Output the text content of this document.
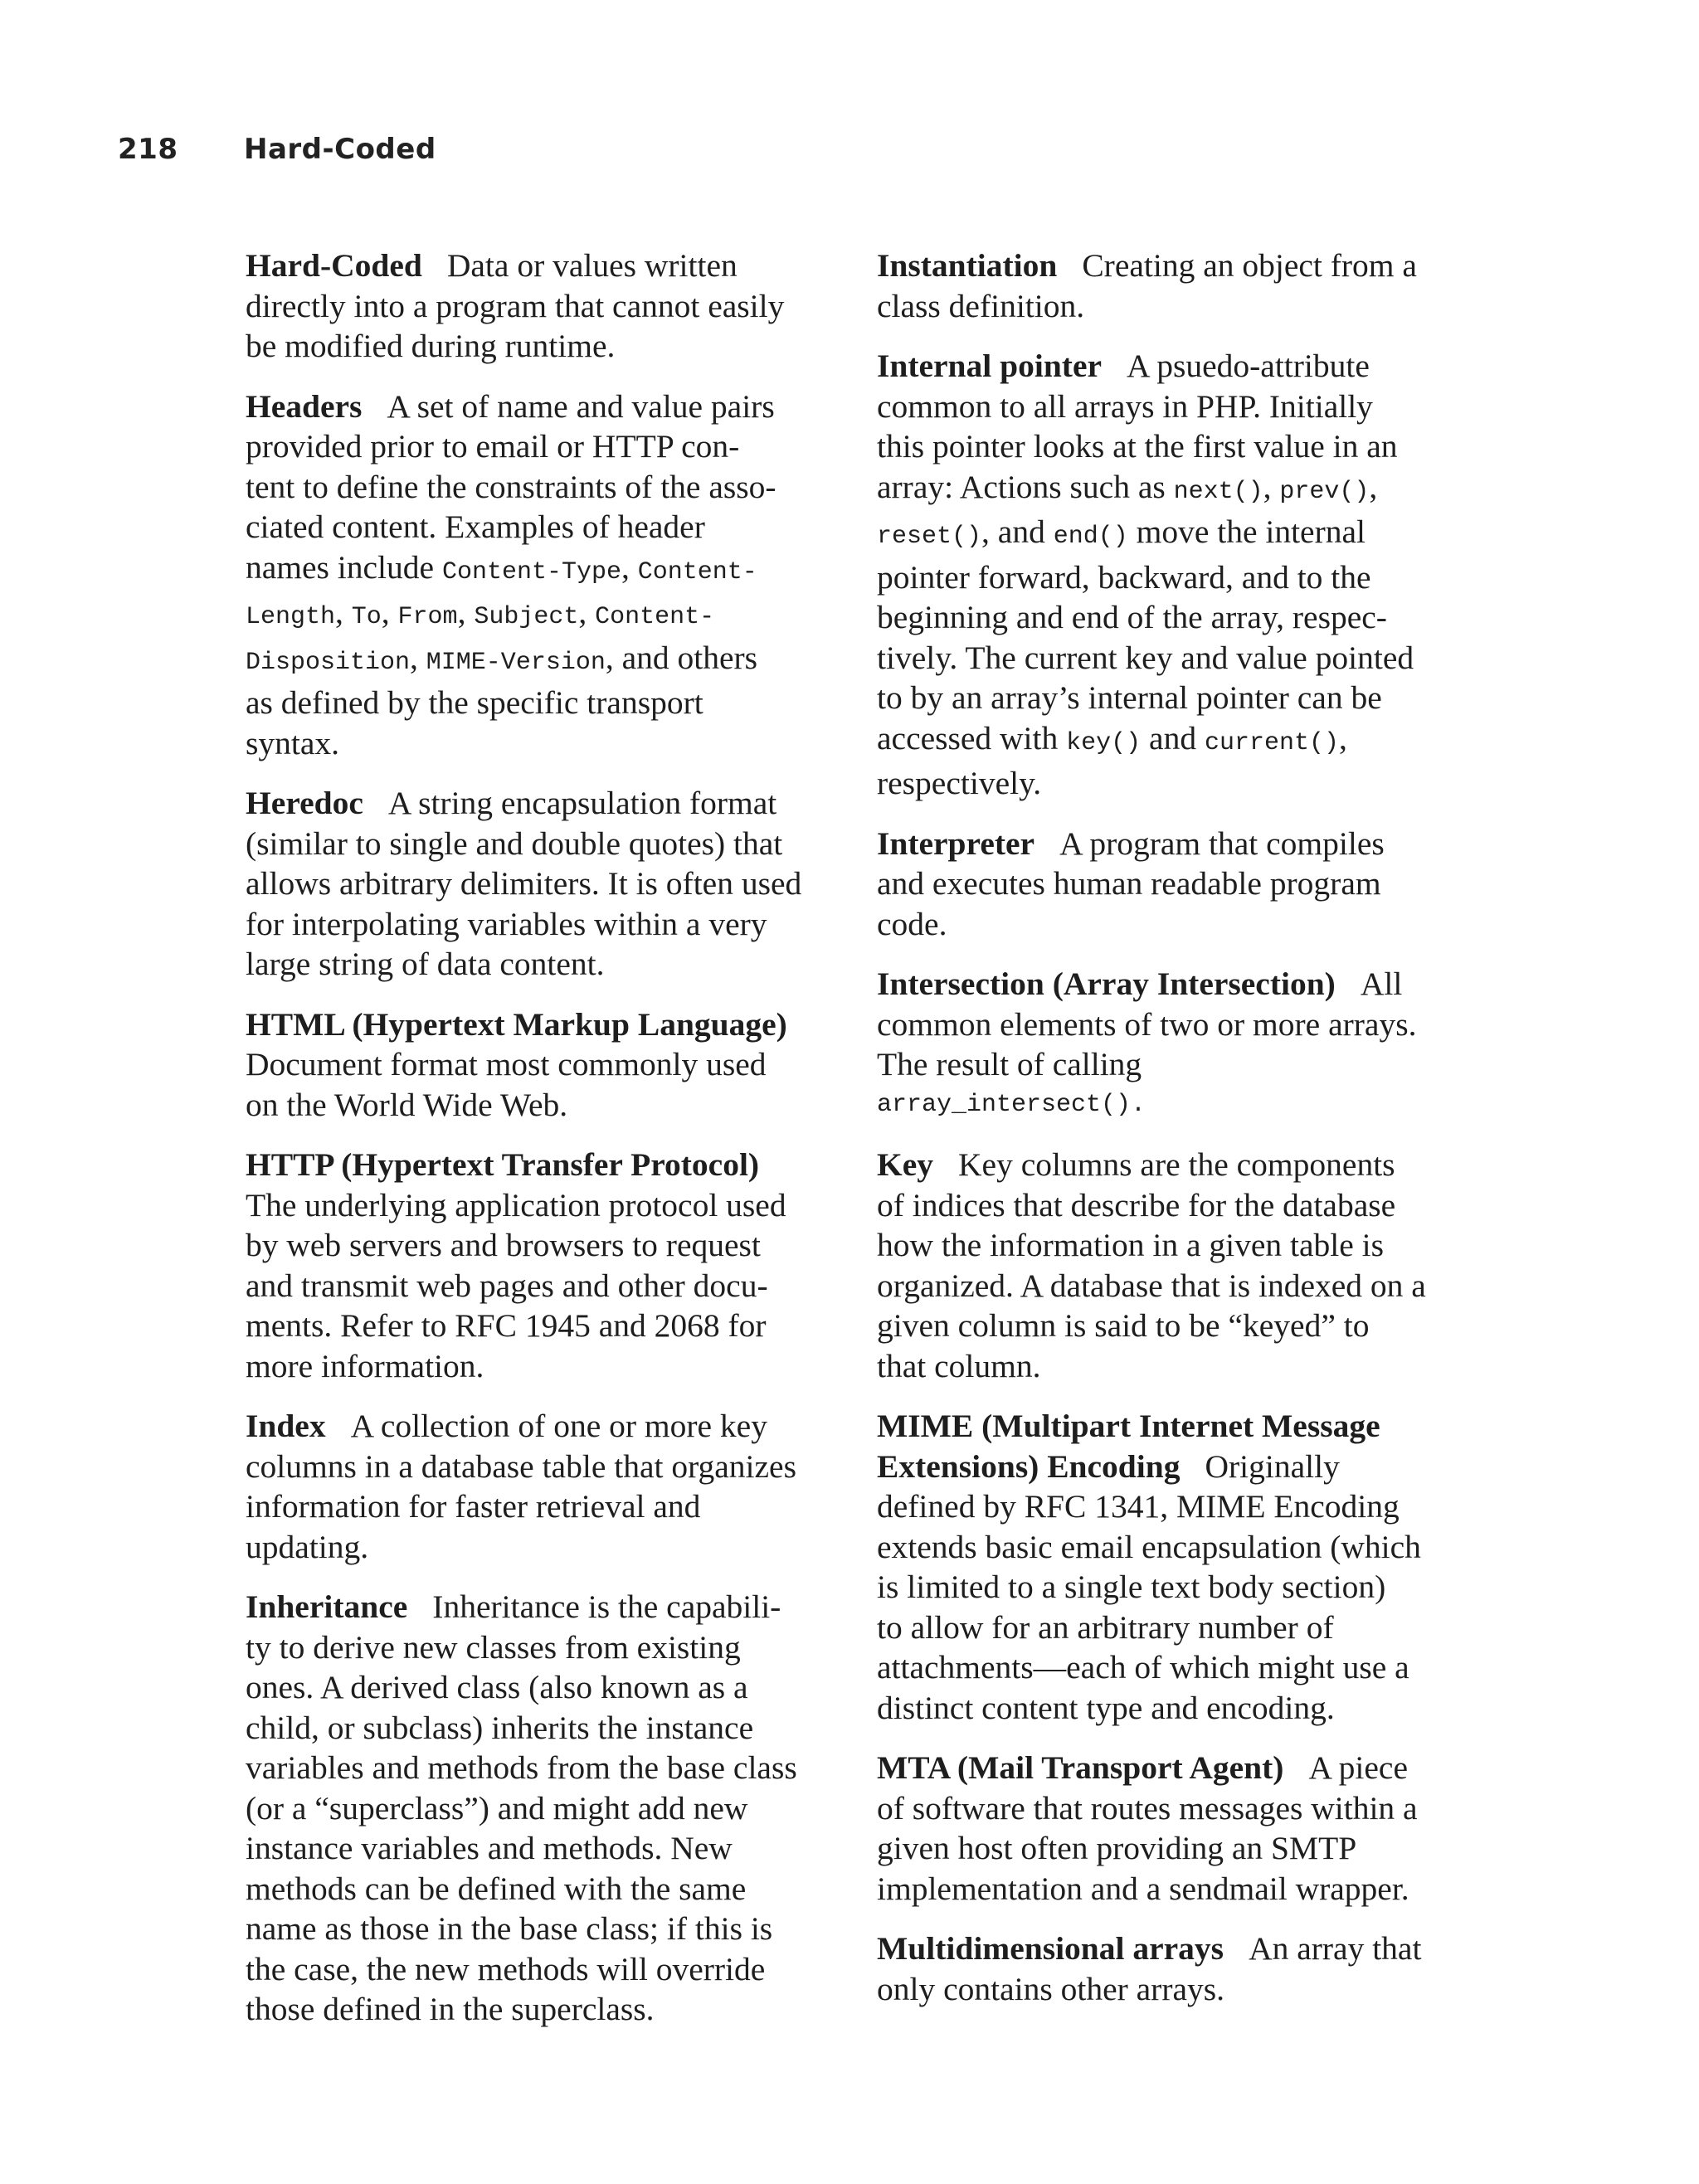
218 Hard-Coded
Hard-Coded Data or values written
directly into a program that cannot easily
be modified during runtime.
Headers A set of name and value pairs
provided prior to email or HTTP con-
tent to define the constraints of the asso-
ciated content. Examples of header
names include Content-Type, Content-
Length, To, From, Subject, Content-
Disposition, MIME-Version, and others
as defined by the specific transport
syntax.
Heredoc A string encapsulation format
(similar to single and double quotes) that
allows arbitrary delimiters. It is often used
for interpolating variables within a very
large string of data content.
HTML (Hypertext Markup Language)
Document format most commonly used
on the World Wide Web.
HTTP (Hypertext Transfer Protocol)
The underlying application protocol used
by web servers and browsers to request
and transmit web pages and other docu-
ments. Refer to RFC 1945 and 2068 for
more information.
Index A collection of one or more key
columns in a database table that organizes
information for faster retrieval and
updating.
Inheritance Inheritance is the capabili-
ty to derive new classes from existing
ones. A derived class (also known as a
child, or subclass) inherits the instance
variables and methods from the base class
(or a “superclass”) and might add new
instance variables and methods. New
methods can be defined with the same
name as those in the base class; if this is
the case, the new methods will override
those defined in the superclass.
Instantiation Creating an object from a
class definition.
Internal pointer A psuedo-attribute
common to all arrays in PHP. Initially
this pointer looks at the first value in an
array: Actions such as next(), prev(),
reset(), and end() move the internal
pointer forward, backward, and to the
beginning and end of the array, respec-
tively. The current key and value pointed
to by an array’s internal pointer can be
accessed with key() and current(),
respectively.
Interpreter A program that compiles
and executes human readable program
code.
Intersection (Array Intersection) All
common elements of two or more arrays.
The result of calling
array_intersect().
Key Key columns are the components
of indices that describe for the database
how the information in a given table is
organized. A database that is indexed on a
given column is said to be “keyed” to
that column.
MIME (Multipart Internet Message
Extensions) Encoding Originally
defined by RFC 1341, MIME Encoding
extends basic email encapsulation (which
is limited to a single text body section)
to allow for an arbitrary number of
attachments—each of which might use a
distinct content type and encoding.
MTA (Mail Transport Agent) A piece
of software that routes messages within a
given host often providing an SMTP
implementation and a sendmail wrapper.
Multidimensional arrays An array that
only contains other arrays.
